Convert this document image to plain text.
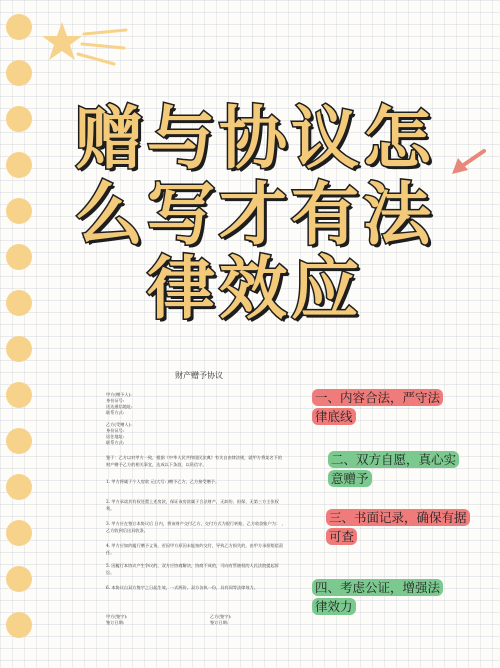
赠与协议怎
么写才有法
律效应
财产赠予协议
甲方(赠予人):
身份证号:
送达通信地址:
联系方式:
乙方(受赠人):
身份证号:
居住地址:
联系方式:
鉴于：乙方以对甲方一致，根据《中华人民共和国民法典》有关自由律法规，就甲方将某名下的财产赠予乙方的相关事宜，达成以下条款，以资信守。
1. 甲方将属于个人房款 元(大写: )赠予乙方，乙方接受赠予。
2. 甲方承诺其有权处置上述房款，保证该房款属于合法财产，无纠纷、担保、无第三方主张权利。
3. 甲方应在签订本协议后 日内，将该财产交付乙方，交付方式为银行转账，乙方收款账户为： ，乙方收到后出具收条。
4. 甲方应如约履行赠予义务，若因甲方原因未能按约交付，导致乙方损失的，由甲方承担赔偿责任。
5. 因履行本协议产生争议的，双方应协商解决，协商不成的，可向有管辖权的人民法院提起诉讼。
6. 本协议自双方签字之日起生效，一式两份，双方各执一份，具有同等法律效力。
甲方(签字):
签订日期:
乙方(签字):
签订日期:
一、内容合法，严守法律底线
二、双方自愿，真心实意赠予
三、书面记录，确保有据可查
四、考虑公证，增强法律效力
